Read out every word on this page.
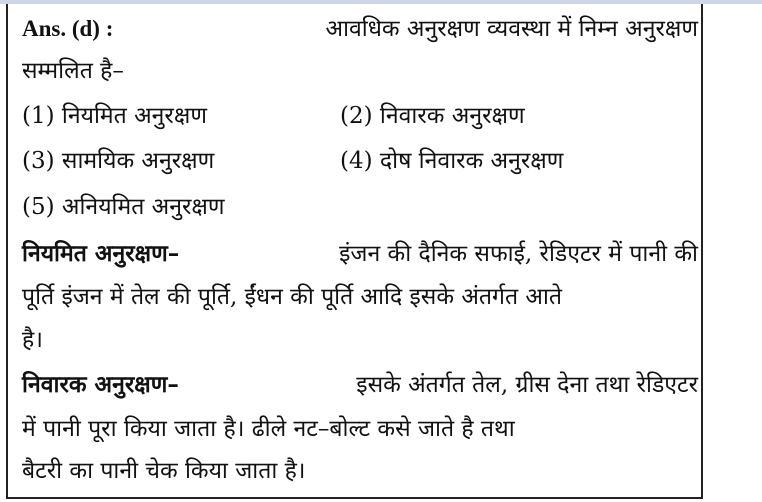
Ans. (d) :	आवधिक अनुरक्षण व्यवस्था में निम्न अनुरक्षण
सम्मलित है–
(1) नियमित अनुरक्षण	(2) निवारक अनुरक्षण
(3) सामयिक अनुरक्षण	(4) दोष निवारक अनुरक्षण
(5) अनियमित अनुरक्षण
नियमित अनुरक्षण–	इंजन की दैनिक सफाई, रेडिएटर में पानी की
पूर्ति इंजन में तेल की पूर्ति, ईंधन की पूर्ति आदि इसके अंतर्गत आते
है।
निवारक अनुरक्षण–	इसके अंतर्गत तेल, ग्रीस देना तथा रेडिएटर
में पानी पूरा किया जाता है। ढीले नट–बोल्ट कसे जाते है तथा
बैटरी का पानी चेक किया जाता है।
